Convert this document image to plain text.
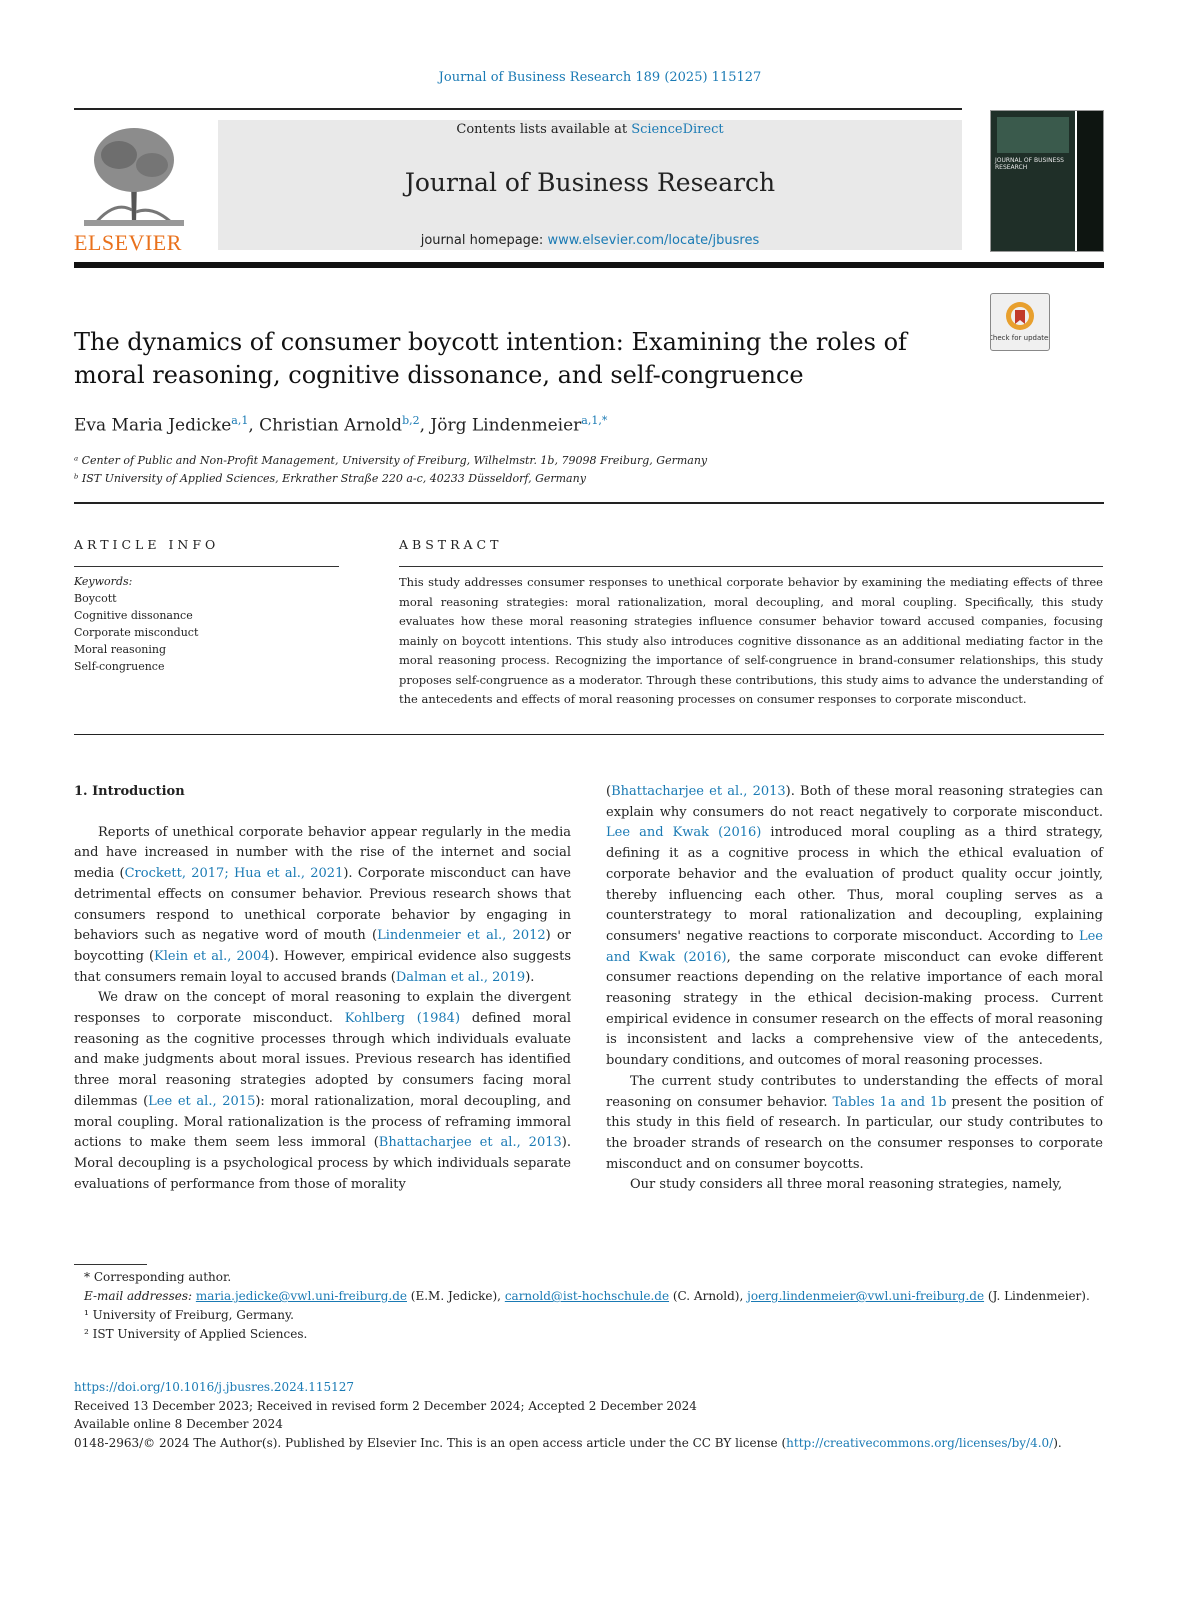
Journal of Business Research 189 (2025) 115127
ELSEVIER
Contents lists available at ScienceDirect
Journal of Business Research
journal homepage: www.elsevier.com/locate/jbusres
JOURNAL OF BUSINESS RESEARCH
Check for updates
The dynamics of consumer boycott intention: Examining the roles of moral reasoning, cognitive dissonance, and self-congruence
Eva Maria Jedicke$^{a,1}$, Christian Arnold$^{b,2}$, Jörg Lindenmeier$^{a,1,*}$
ᵃ Center of Public and Non-Profit Management, University of Freiburg, Wilhelmstr. 1b, 79098 Freiburg, Germany
ᵇ IST University of Applied Sciences, Erkrather Straße 220 a-c, 40233 Düsseldorf, Germany
ARTICLE INFO	ABSTRACT
Keywords:
Boycott
Cognitive dissonance
Corporate misconduct
Moral reasoning
Self-congruence
This study addresses consumer responses to unethical corporate behavior by examining the mediating effects of three moral reasoning strategies: moral rationalization, moral decoupling, and moral coupling. Specifically, this study evaluates how these moral reasoning strategies influence consumer behavior toward accused companies, focusing mainly on boycott intentions. This study also introduces cognitive dissonance as an additional mediating factor in the moral reasoning process. Recognizing the importance of self-congruence in brand-consumer relationships, this study proposes self-congruence as a moderator. Through these contributions, this study aims to advance the understanding of the antecedents and effects of moral reasoning processes on consumer responses to corporate misconduct.
1. Introduction

Reports of unethical corporate behavior appear regularly in the media and have increased in number with the rise of the internet and social media (Crockett, 2017; Hua et al., 2021). Corporate misconduct can have detrimental effects on consumer behavior. Previous research shows that consumers respond to unethical corporate behavior by engaging in behaviors such as negative word of mouth (Lindenmeier et al., 2012) or boycotting (Klein et al., 2004). However, empirical evidence also suggests that consumers remain loyal to accused brands (Dalman et al., 2019).

We draw on the concept of moral reasoning to explain the divergent responses to corporate misconduct. Kohlberg (1984) defined moral reasoning as the cognitive processes through which individuals evaluate and make judgments about moral issues. Previous research has identified three moral reasoning strategies adopted by consumers facing moral dilemmas (Lee et al., 2015): moral rationalization, moral decoupling, and moral coupling. Moral rationalization is the process of reframing immoral actions to make them seem less immoral (Bhattacharjee et al., 2013). Moral decoupling is a psychological process by which individuals separate evaluations of performance from those of morality

(Bhattacharjee et al., 2013). Both of these moral reasoning strategies can explain why consumers do not react negatively to corporate misconduct. Lee and Kwak (2016) introduced moral coupling as a third strategy, defining it as a cognitive process in which the ethical evaluation of corporate behavior and the evaluation of product quality occur jointly, thereby influencing each other. Thus, moral coupling serves as a counterstrategy to moral rationalization and decoupling, explaining consumers' negative reactions to corporate misconduct. According to Lee and Kwak (2016), the same corporate misconduct can evoke different consumer reactions depending on the relative importance of each moral reasoning strategy in the ethical decision-making process. Current empirical evidence in consumer research on the effects of moral reasoning is inconsistent and lacks a comprehensive view of the antecedents, boundary conditions, and outcomes of moral reasoning processes.

The current study contributes to understanding the effects of moral reasoning on consumer behavior. Tables 1a and 1b present the position of this study in this field of research. In particular, our study contributes to the broader strands of research on the consumer responses to corporate misconduct and on consumer boycotts.

Our study considers all three moral reasoning strategies, namely,

* Corresponding author.
E-mail addresses: maria.jedicke@vwl.uni-freiburg.de (E.M. Jedicke), carnold@ist-hochschule.de (C. Arnold), joerg.lindenmeier@vwl.uni-freiburg.de (J. Lindenmeier).
¹ University of Freiburg, Germany.
² IST University of Applied Sciences.
https://doi.org/10.1016/j.jbusres.2024.115127
Received 13 December 2023; Received in revised form 2 December 2024; Accepted 2 December 2024
Available online 8 December 2024
0148-2963/© 2024 The Author(s). Published by Elsevier Inc. This is an open access article under the CC BY license (http://creativecommons.org/licenses/by/4.0/).
